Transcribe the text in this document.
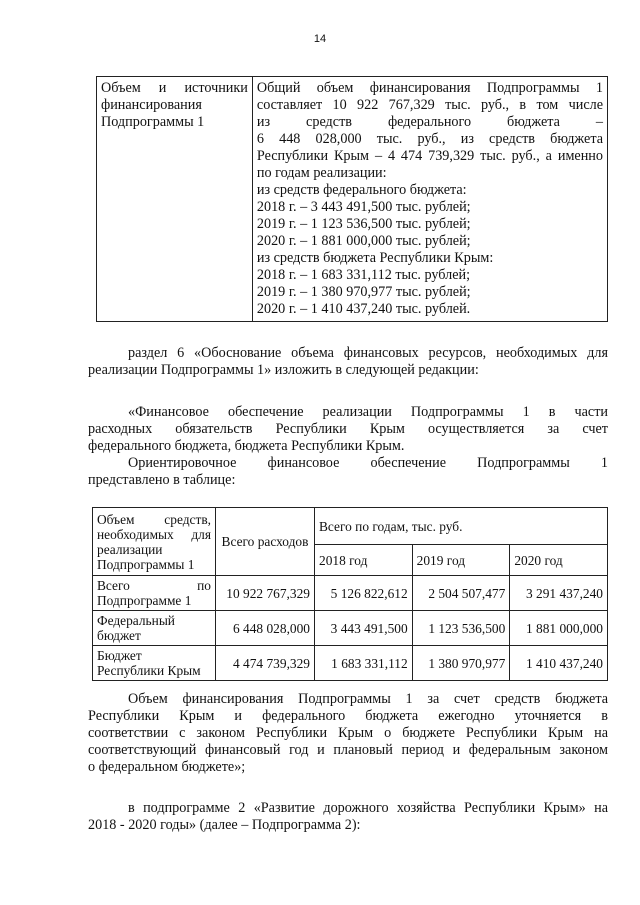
14
Объем и источники
финансирования
Подпрограммы 1

Общий объем финансирования Подпрограммы 1
составляет 10 922 767,329 тыс. руб., в том числе
из средств федерального бюджета –
6 448 028,000 тыс. руб., из средств бюджета
Республики Крым – 4 474 739,329 тыс. руб., а именно
по годам реализации:
из средств федерального бюджета:
2018 г. – 3 443 491,500 тыс. рублей;
2019 г. – 1 123 536,500 тыс. рублей;
2020 г. – 1 881 000,000 тыс. рублей;
из средств бюджета Республики Крым:
2018 г. – 1 683 331,112 тыс. рублей;
2019 г. – 1 380 970,977 тыс. рублей;
2020 г. – 1 410 437,240 тыс. рублей.
раздел 6 «Обоснование объема финансовых ресурсов, необходимых для
реализации Подпрограммы 1» изложить в следующей редакции:
«Финансовое обеспечение реализации Подпрограммы 1 в части
расходных обязательств Республики Крым осуществляется за счет
федерального бюджета, бюджета Республики Крым.
Ориентировочное финансовое обеспечение Подпрограммы 1
представлено в таблице:
Объем средств,
необходимых для
реализации
Подпрограммы 1	Всего расходов	Всего по годам, тыс. руб.		
		2018 год	2019 год	2020 год

Всего по
Подпрограмме 1	10 922 767,329	5 126 822,612	2 504 507,477	3 291 437,240

Федеральный
бюджет	6 448 028,000	3 443 491,500	1 123 536,500	1 881 000,000

Бюджет
Республики Крым	4 474 739,329	1 683 331,112	1 380 970,977	1 410 437,240
Объем финансирования Подпрограммы 1 за счет средств бюджета
Республики Крым и федерального бюджета ежегодно уточняется в
соответствии с законом Республики Крым о бюджете Республики Крым на
соответствующий финансовый год и плановый период и федеральным законом
о федеральном бюджете»;
в подпрограмме 2 «Развитие дорожного хозяйства Республики Крым» на
2018 - 2020 годы» (далее – Подпрограмма 2):
